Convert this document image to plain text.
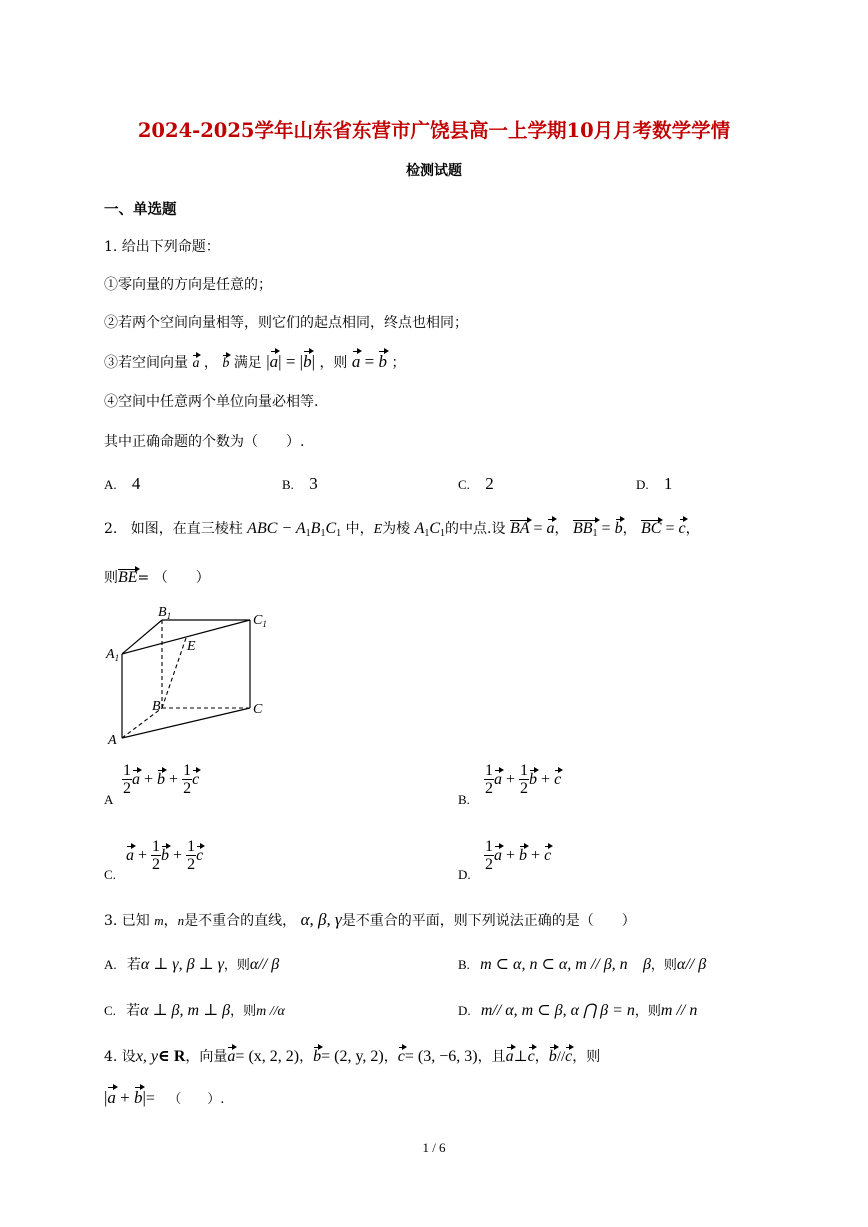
2024-2025学年山东省东营市广饶县高一上学期10月月考数学学情
检测试题
一、单选题
1. 给出下列命题：
①零向量的方向是任意的；
②若两个空间向量相等，则它们的起点相同，终点也相同；
③若空间向量 a ， b 满足 |a| = |b| ，则 a = b ；
④空间中任意两个单位向量必相等.
其中正确命题的个数为（　　）.
A. 4	B. 3	C. 2	D. 1
2. 如图，在直三棱柱 ABC − $A_1B_1C_1$ 中，E为棱 $A_1C_1$的中点.设 BA = a， $BB_1 = b$， BC = c，
则BE= （　　）
$B_1$	$C_1$
$A_1$
E
B	C
A
$\frac{1}{2}$ $a + b + \frac{1}{2}$ c
A
$\frac{1}{2}$ $a + \frac{1}{2}$ b + c
B.
$a + \frac{1}{2}$ $b + \frac{1}{2}$ c
C.
$\frac{1}{2}$ a + b + c
D.
3. 已知 m，n是不重合的直线， α, β, γ是不重合的平面，则下列说法正确的是（　　）
A. 若α ⊥ γ, β ⊥ γ，则α// β	B. m ⊂ α, n ⊂ α, m // β, n β，则α// β
C. 若α ⊥ β, m ⊥ β，则m //α	D. m// α, m ⊂ β, α ⋂ β = n，则m // n
4. 设x, y∈ R，向量a= (x, 2, 2)，b= (2, y, 2)，c= (3, −6, 3)，且a⊥c，b//c，则
|a + b|= （　　）.
1 / 6
